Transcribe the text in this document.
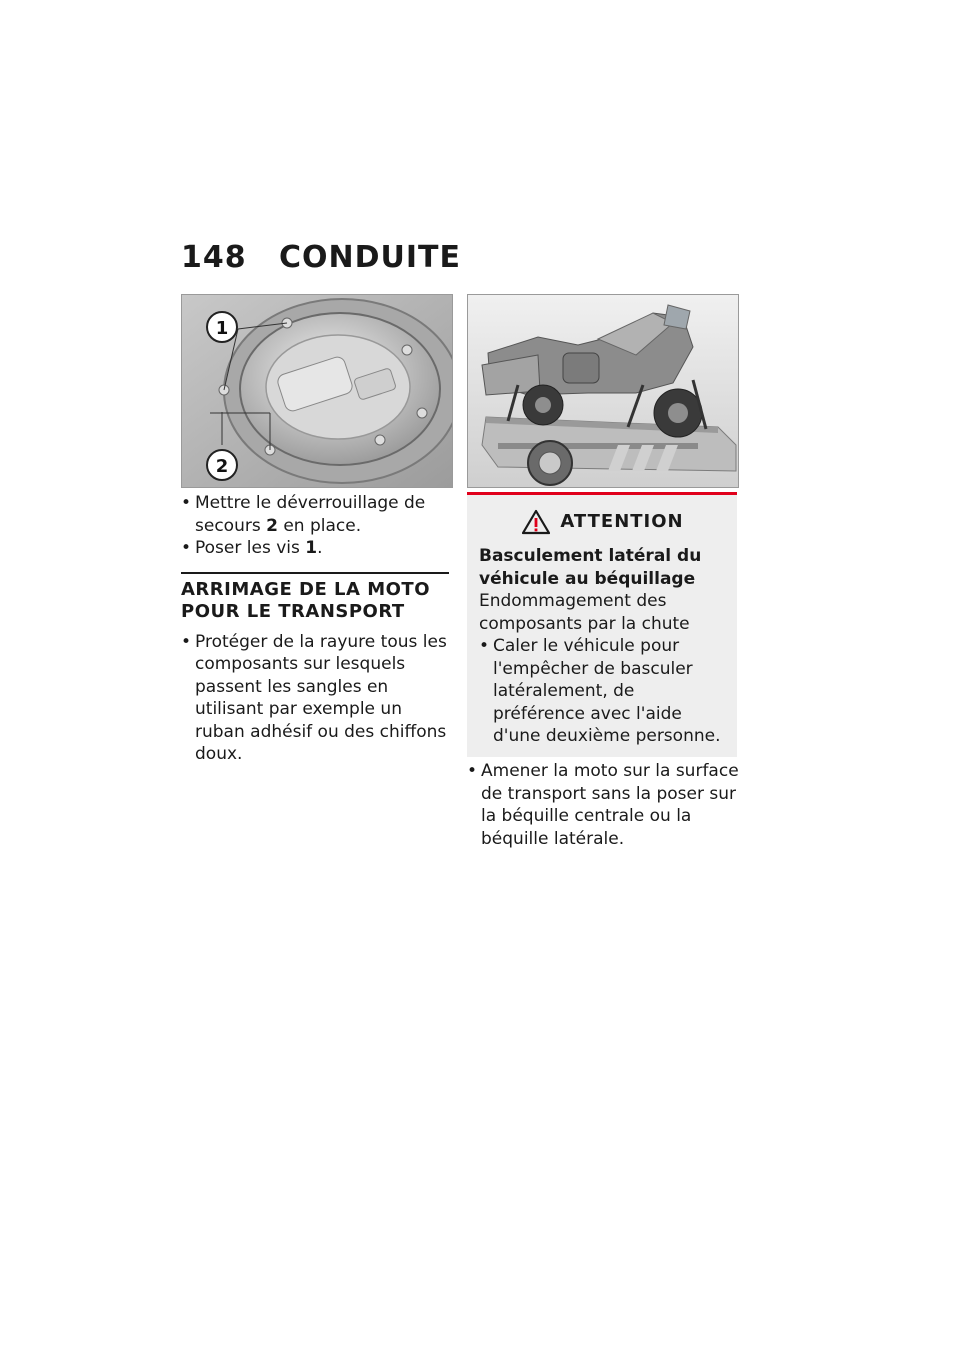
148 CONDUITE
1
2

• Mettre le déverrouillage de secours 2 en place.

• Poser les vis 1.

ARRIMAGE DE LA MOTO POUR LE TRANSPORT

• Protéger de la rayure tous les composants sur lesquels passent les sangles en utilisant par exemple un ruban adhésif ou des chiffons doux.

ATTENTION
Basculement latéral du véhicule au béquillage
Endommagement des composants par la chute

• Caler le véhicule pour l'empêcher de basculer latéralement, de préférence avec l'aide d'une deuxième personne.

• Amener la moto sur la surface de transport sans la poser sur la béquille centrale ou la béquille latérale.
